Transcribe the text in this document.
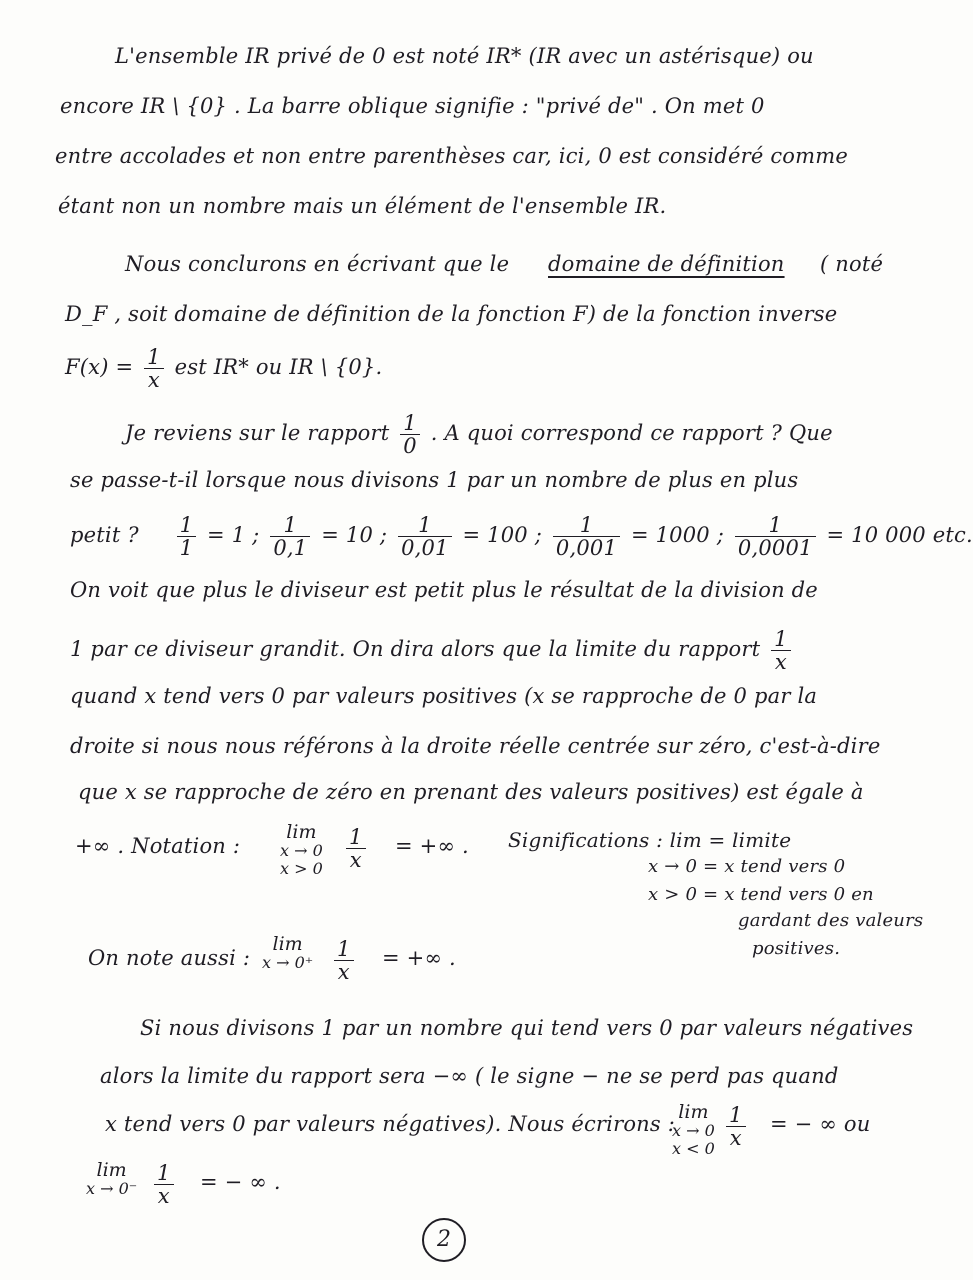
L'ensemble IR privé de 0 est noté IR* (IR avec un astérisque) ou
encore IR \ {0} . La barre oblique signifie : "privé de" . On met 0
entre accolades et non entre parenthèses car, ici, 0 est considéré comme
étant non un nombre mais un élément de l'ensemble IR.
Nous conclurons en écrivant que le domaine de définition ( noté
D_F , soit domaine de définition de la fonction F) de la fonction inverse
$F(x) = \frac{1}{x}$ est IR* ou IR \ {0}.
Je reviens sur le rapport $\frac{1}{0}$ . A quoi correspond ce rapport ? Que
se passe-t-il lorsque nous divisons 1 par un nombre de plus en plus
petit ? $\frac{1}{1} = 1$ ; $\frac{1}{0,1} = 10$ ; $\frac{1}{0,01} = 100$ ; $\frac{1}{0,001} = 1000$ ; $\frac{1}{0,0001} = 10$ 000 etc.
On voit que plus le diviseur est petit plus le résultat de la division de
1 par ce diviseur grandit. On dira alors que la limite du rapport $\frac{1}{x}$
quand x tend vers 0 par valeurs positives (x se rapproche de 0 par la
droite si nous nous référons à la droite réelle centrée sur zéro, c'est-à-dire
que x se rapproche de zéro en prenant des valeurs positives) est égale à
+∞ . Notation :
lim
x → 0
$x > 0 \frac{1}{x}$ = +∞ . Significations : lim = limite
x → 0 = x tend vers 0
x > 0 = x tend vers 0 en
gardant des valeurs
positives.
On note aussi :
lim
$x \to 0^+ \frac{1}{x}$ = +∞ .
Si nous divisons 1 par un nombre qui tend vers 0 par valeurs négatives
alors la limite du rapport sera −∞ ( le signe − ne se perd pas quand
x tend vers 0 par valeurs négatives). Nous écrirons : lim
x → 0
$x < 0 \frac{1}{x}$ = − ∞ ou
lim
$x \to 0^- \frac{1}{x}$ = − ∞ .
2
